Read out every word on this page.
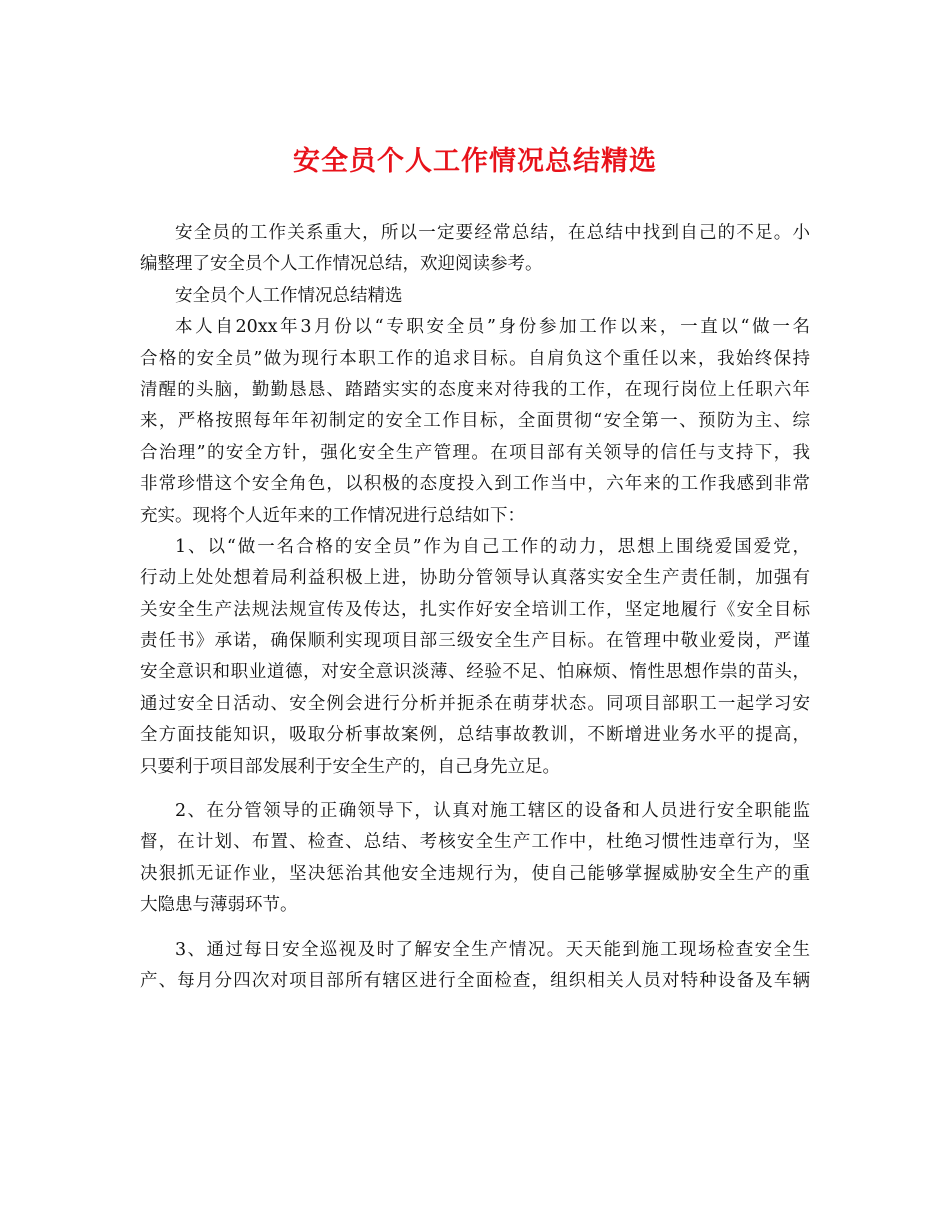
安全员个人工作情况总结精选
安全员的工作关系重大，所以一定要经常总结，在总结中找到自己的不足。小
编整理了安全员个人工作情况总结，欢迎阅读参考。
安全员个人工作情况总结精选
本人自20xx年3月份以“专职安全员”身份参加工作以来，一直以“做一名
合格的安全员”做为现行本职工作的追求目标。自肩负这个重任以来，我始终保持
清醒的头脑，勤勤恳恳、踏踏实实的态度来对待我的工作，在现行岗位上任职六年
来，严格按照每年年初制定的安全工作目标，全面贯彻“安全第一、预防为主、综
合治理”的安全方针，强化安全生产管理。在项目部有关领导的信任与支持下，我
非常珍惜这个安全角色，以积极的态度投入到工作当中，六年来的工作我感到非常
充实。现将个人近年来的工作情况进行总结如下：
1、以“做一名合格的安全员”作为自己工作的动力，思想上围绕爱国爱党，
行动上处处想着局利益积极上进，协助分管领导认真落实安全生产责任制，加强有
关安全生产法规法规宣传及传达，扎实作好安全培训工作，坚定地履行《安全目标
责任书》承诺，确保顺利实现项目部三级安全生产目标。在管理中敬业爱岗，严谨
安全意识和职业道德，对安全意识淡薄、经验不足、怕麻烦、惰性思想作祟的苗头，
通过安全日活动、安全例会进行分析并扼杀在萌芽状态。同项目部职工一起学习安
全方面技能知识，吸取分析事故案例，总结事故教训，不断增进业务水平的提高，
只要利于项目部发展利于安全生产的，自己身先立足。
2、在分管领导的正确领导下，认真对施工辖区的设备和人员进行安全职能监
督，在计划、布置、检查、总结、考核安全生产工作中，杜绝习惯性违章行为，坚
决狠抓无证作业，坚决惩治其他安全违规行为，使自己能够掌握威胁安全生产的重
大隐患与薄弱环节。
3、通过每日安全巡视及时了解安全生产情况。天天能到施工现场检查安全生
产、每月分四次对项目部所有辖区进行全面检查，组织相关人员对特种设备及车辆
